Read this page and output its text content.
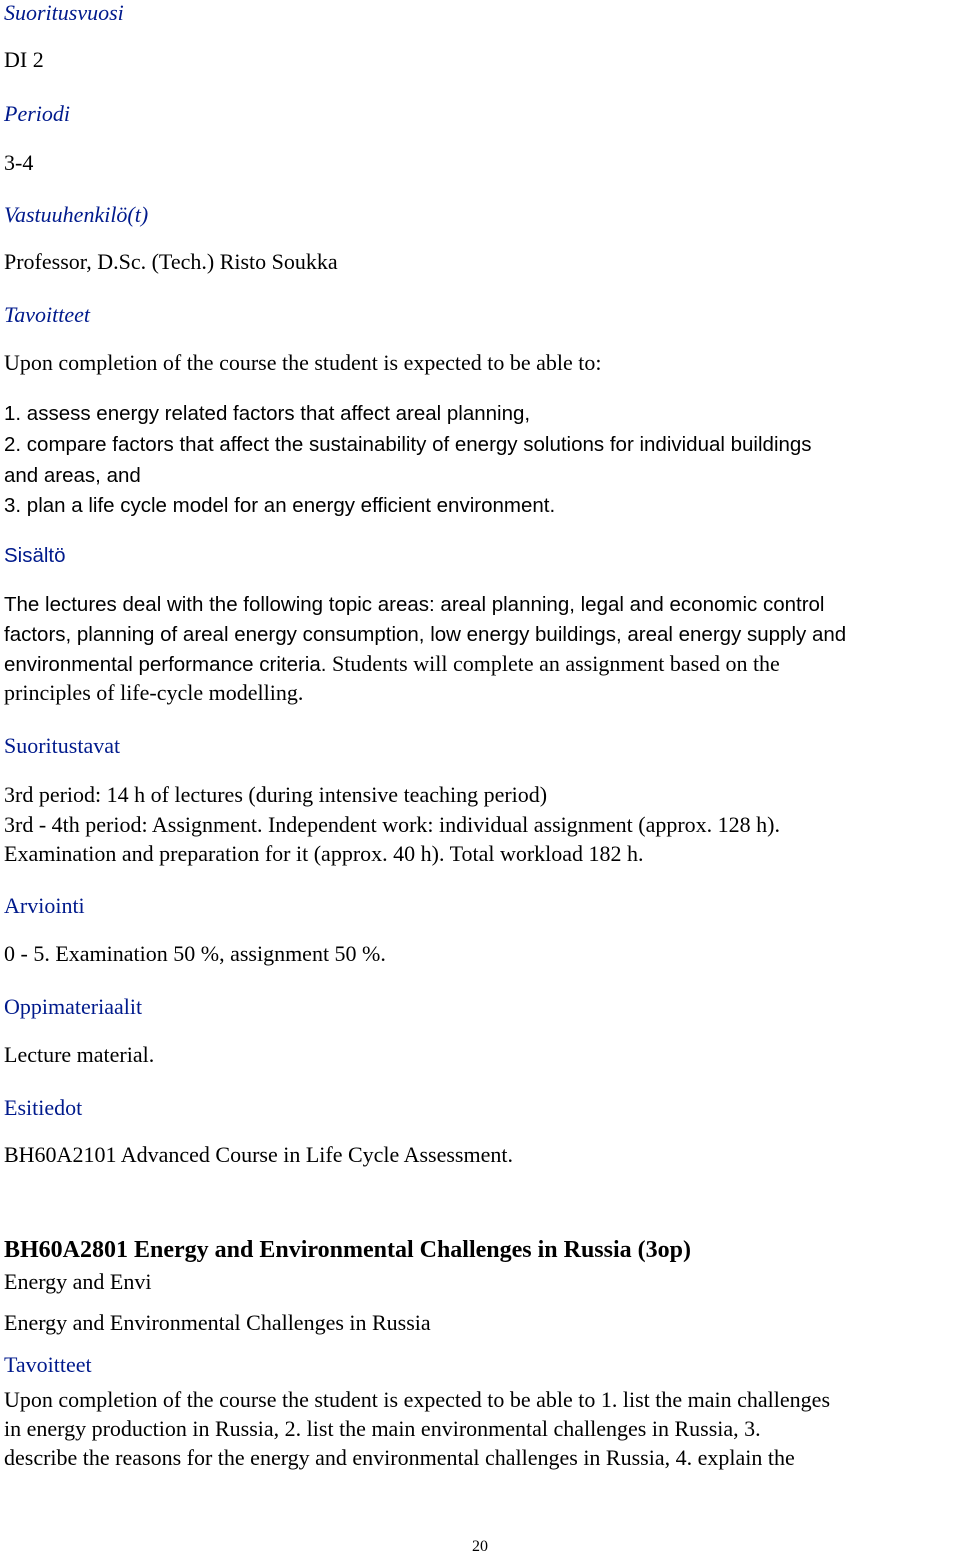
Suoritusvuosi
DI 2
Periodi
3-4
Vastuuhenkilö(t)
Professor, D.Sc. (Tech.) Risto Soukka
Tavoitteet
Upon completion of the course the student is expected to be able to:
1. assess energy related factors that affect areal planning,
2. compare factors that affect the sustainability of energy solutions for individual buildings
and areas, and
3. plan a life cycle model for an energy efficient environment.
Sisältö
The lectures deal with the following topic areas: areal planning, legal and economic control
factors, planning of areal energy consumption, low energy buildings, areal energy supply and
environmental performance criteria. Students will complete an assignment based on the
principles of life-cycle modelling.
Suoritustavat
3rd period: 14 h of lectures (during intensive teaching period)
3rd - 4th period: Assignment. Independent work: individual assignment (approx. 128 h).
Examination and preparation for it (approx. 40 h). Total workload 182 h.
Arviointi
0 - 5. Examination 50 %, assignment 50 %.
Oppimateriaalit
Lecture material.
Esitiedot
BH60A2101 Advanced Course in Life Cycle Assessment.
BH60A2801 Energy and Environmental Challenges in Russia (3op)
Energy and Envi
Energy and Environmental Challenges in Russia
Tavoitteet
Upon completion of the course the student is expected to be able to 1. list the main challenges
in energy production in Russia, 2. list the main environmental challenges in Russia, 3.
describe the reasons for the energy and environmental challenges in Russia, 4. explain the
20
